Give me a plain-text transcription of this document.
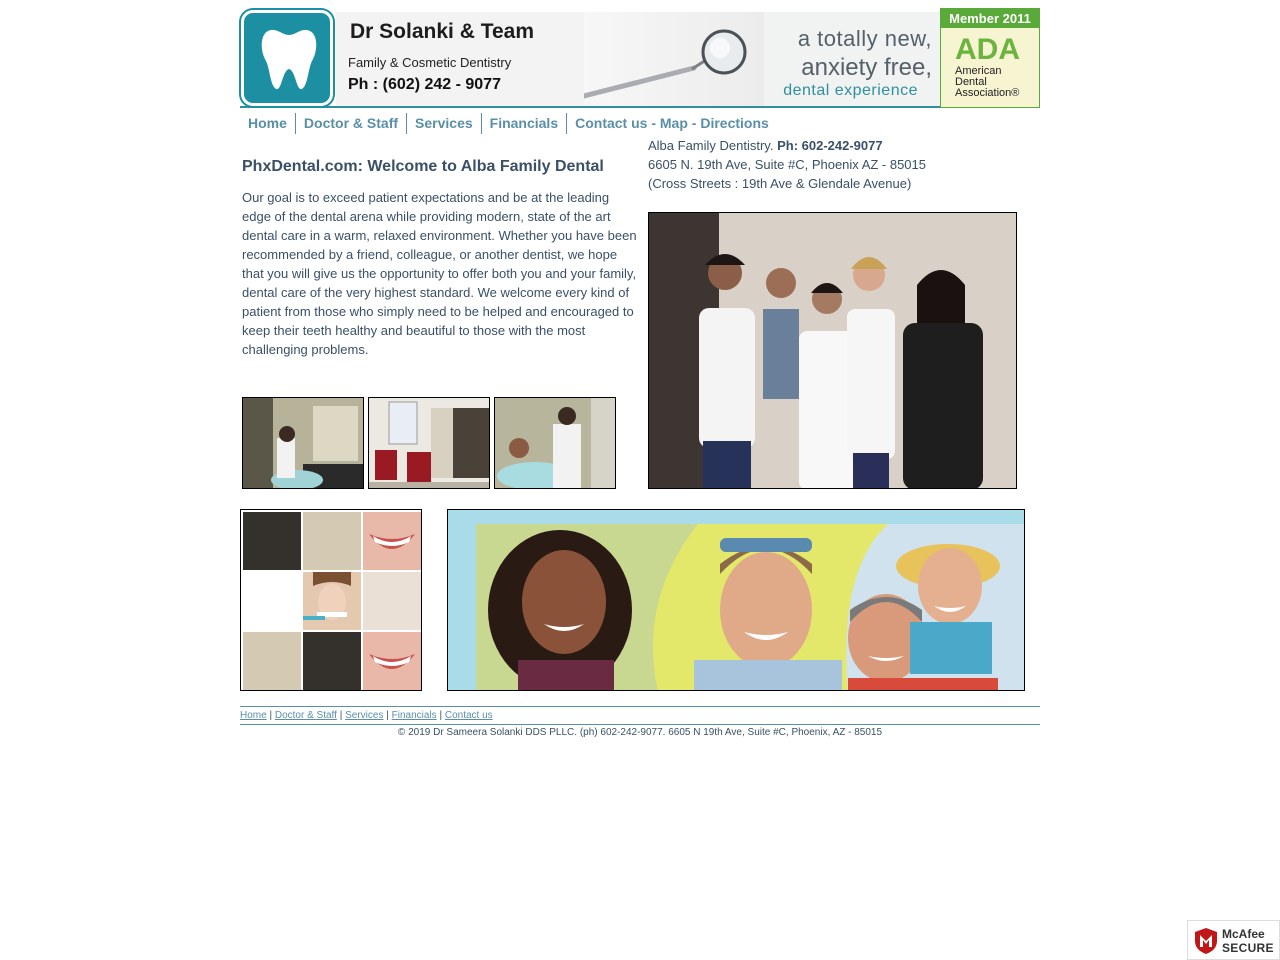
Dr Solanki & Team
Family & Cosmetic Dentistry
Ph : (602) 242 - 9077
a totally new,
anxiety free,
dental experience
Member 2011
ADA
American Dental Association®
Home	Doctor & Staff	Services	Financials	Contact us - Map - Directions
PhxDental.com: Welcome to Alba Family Dental

Our goal is to exceed patient expectations and be at the leading edge of the dental arena while providing modern, state of the art dental care in a warm, relaxed environment. Whether you have been recommended by a friend, colleague, or another dentist, we hope that you will give us the opportunity to offer both you and your family, dental care of the very highest standard. We welcome every kind of patient from those who simply need to be helped and encouraged to keep their teeth healthy and beautiful to those with the most challenging problems.

Alba Family Dentistry. Ph: 602-242-9077
6605 N. 19th Ave, Suite #C, Phoenix AZ - 85015
(Cross Streets : 19th Ave & Glendale Avenue)
Home | Doctor & Staff | Services | Financials | Contact us
© 2019 Dr Sameera Solanki DDS PLLC. (ph) 602-242-9077. 6605 N 19th Ave, Suite #C, Phoenix, AZ - 85015
McAfee
SECURE
